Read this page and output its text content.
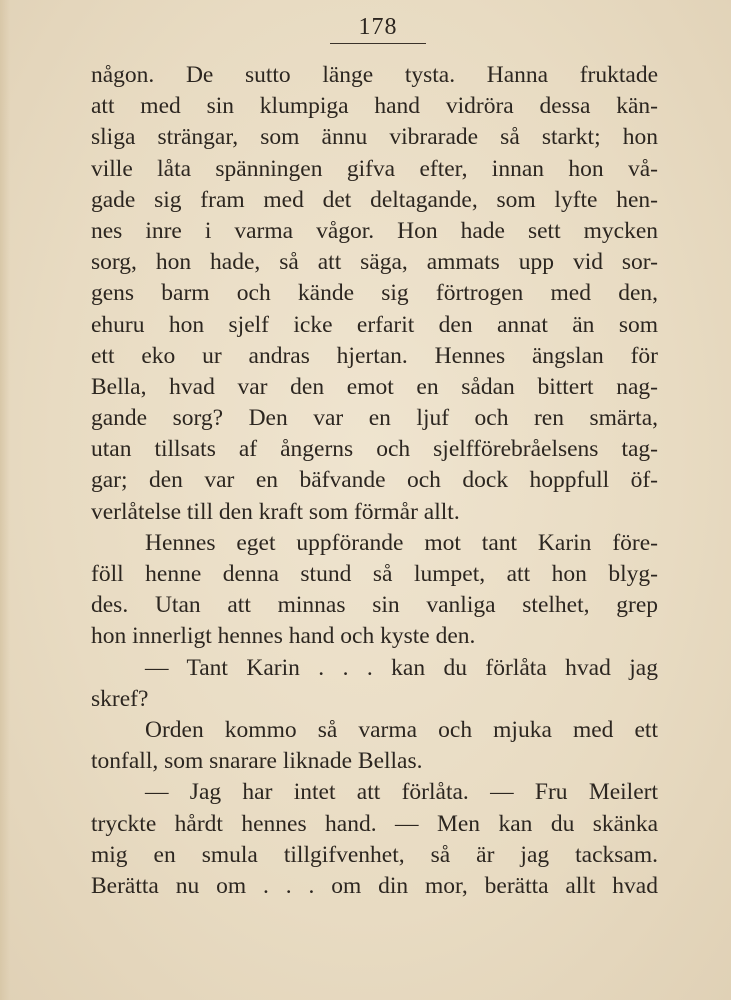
178
någon. De sutto länge tysta. Hanna fruktade
att med sin klumpiga hand vidröra dessa kän-
sliga strängar, som ännu vibrarade så starkt; hon
ville låta spänningen gifva efter, innan hon vå-
gade sig fram med det deltagande, som lyfte hen-
nes inre i varma vågor. Hon hade sett mycken
sorg, hon hade, så att säga, ammats upp vid sor-
gens barm och kände sig förtrogen med den,
ehuru hon sjelf icke erfarit den annat än som
ett eko ur andras hjertan. Hennes ängslan för
Bella, hvad var den emot en sådan bittert nag-
gande sorg? Den var en ljuf och ren smärta,
utan tillsats af ångerns och sjelfförebråelsens tag-
gar; den var en bäfvande och dock hoppfull öf-
verlåtelse till den kraft som förmår allt.
Hennes eget uppförande mot tant Karin före-
föll henne denna stund så lumpet, att hon blyg-
des. Utan att minnas sin vanliga stelhet, grep
hon innerligt hennes hand och kyste den.
— Tant Karin . . . kan du förlåta hvad jag
skref?
Orden kommo så varma och mjuka med ett
tonfall, som snarare liknade Bellas.
— Jag har intet att förlåta. — Fru Meilert
tryckte hårdt hennes hand. — Men kan du skänka
mig en smula tillgifvenhet, så är jag tacksam.
Berätta nu om . . . om din mor, berätta allt hvad
